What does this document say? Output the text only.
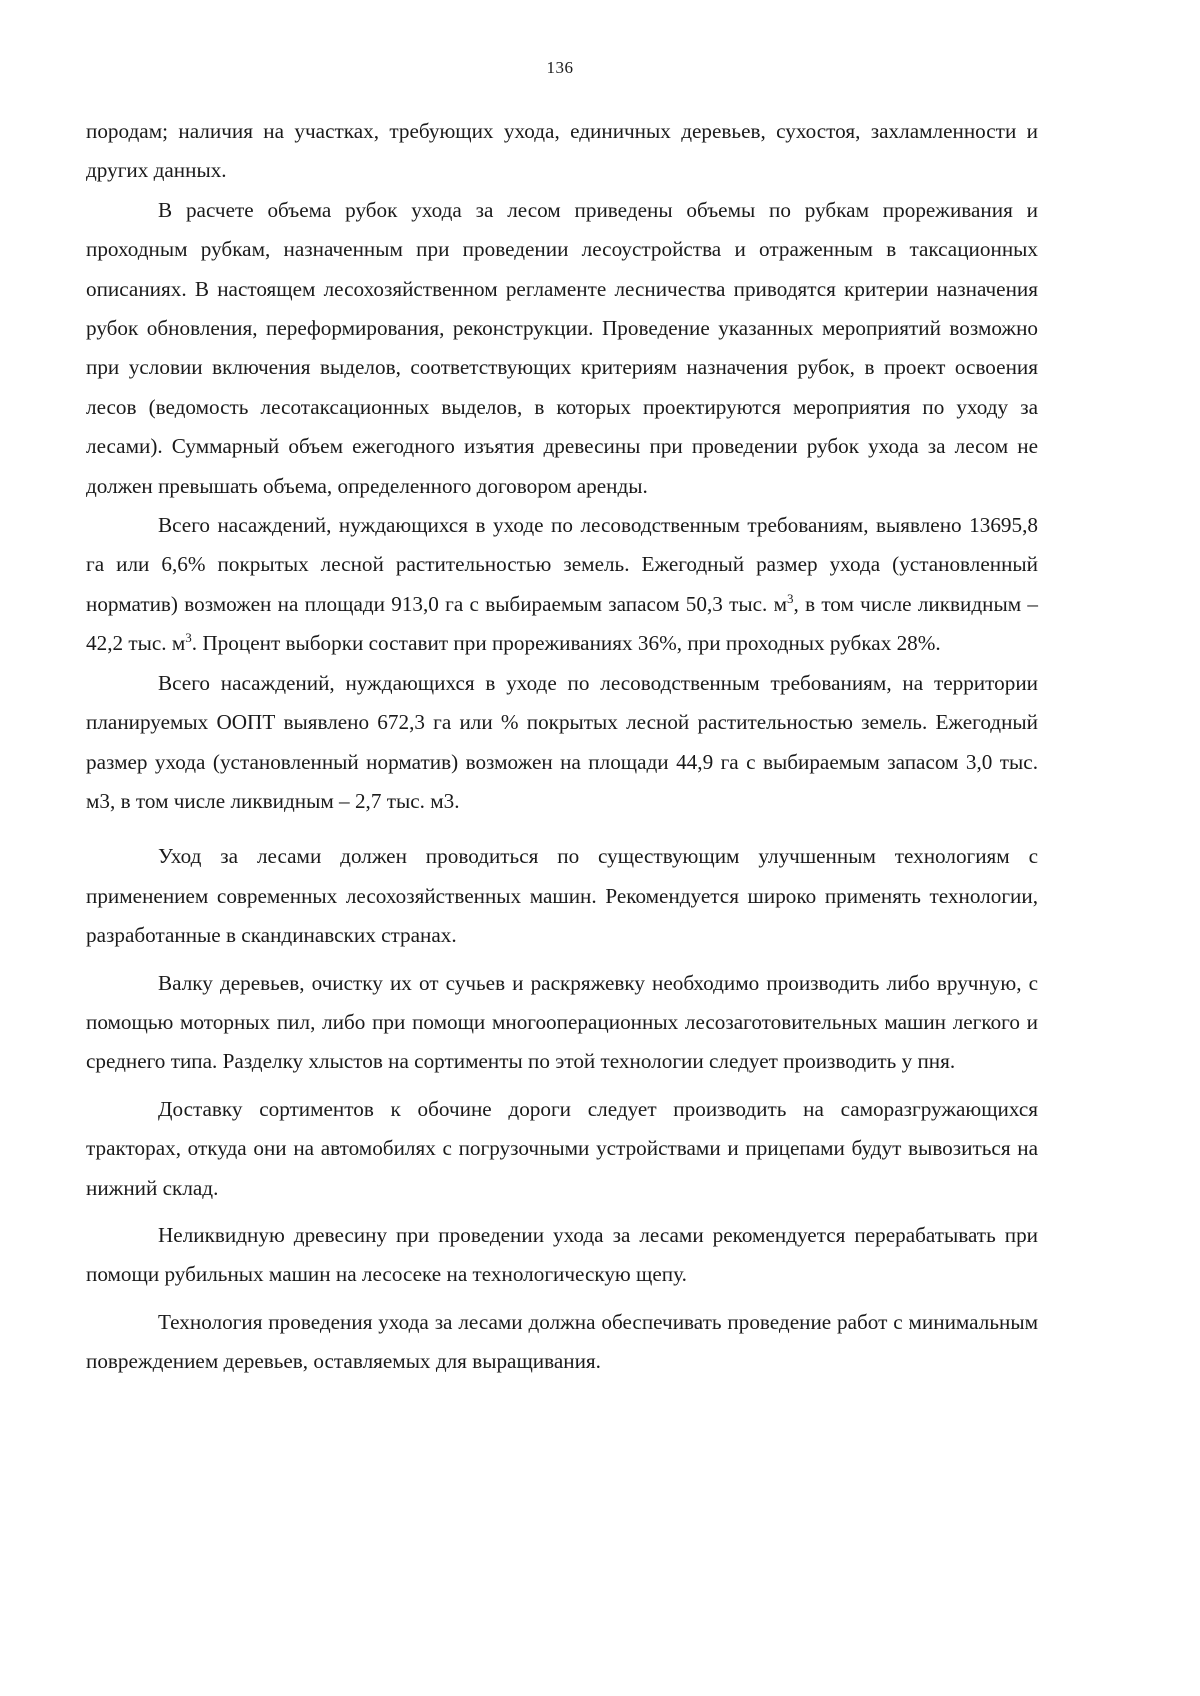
136

породам; наличия на участках, требующих ухода, единичных деревьев, сухостоя, захламленности и других данных.

В расчете объема рубок ухода за лесом приведены объемы по рубкам прореживания и проходным рубкам, назначенным при проведении лесоустройства и отраженным в таксационных описаниях. В настоящем лесохозяйственном регламенте лесничества приводятся критерии назначения рубок обновления, переформирования, реконструкции. Проведение указанных мероприятий возможно при условии включения выделов, соответствующих критериям назначения рубок, в проект освоения лесов (ведомость лесотаксационных выделов, в которых проектируются мероприятия по уходу за лесами). Суммарный объем ежегодного изъятия древесины при проведении рубок ухода за лесом не должен превышать объема, определенного договором аренды.

Всего насаждений, нуждающихся в уходе по лесоводственным требованиям, выявлено 13695,8 га или 6,6% покрытых лесной растительностью земель. Ежегодный размер ухода (установленный норматив) возможен на площади 913,0 га с выбираемым запасом 50,3 тыс. $м^3$, в том числе ликвидным – 42,2 тыс. $м^3$. Процент выборки составит при прореживаниях 36%, при проходных рубках 28%.

Всего насаждений, нуждающихся в уходе по лесоводственным требованиям, на территории планируемых ООПТ выявлено 672,3 га или % покрытых лесной растительностью земель. Ежегодный размер ухода (установленный норматив) возможен на площади 44,9 га с выбираемым запасом 3,0 тыс. м3, в том числе ликвидным – 2,7 тыс. м3.

Уход за лесами должен проводиться по существующим улучшенным технологиям с применением современных лесохозяйственных машин. Рекомендуется широко применять технологии, разработанные в скандинавских странах.

Валку деревьев, очистку их от сучьев и раскряжевку необходимо производить либо вручную, с помощью моторных пил, либо при помощи многооперационных лесозаготовительных машин легкого и среднего типа. Разделку хлыстов на сортименты по этой технологии следует производить у пня.

Доставку сортиментов к обочине дороги следует производить на саморазгружающихся тракторах, откуда они на автомобилях с погрузочными устройствами и прицепами будут вывозиться на нижний склад.

Неликвидную древесину при проведении ухода за лесами рекомендуется перерабатывать при помощи рубильных машин на лесосеке на технологическую щепу.

Технология проведения ухода за лесами должна обеспечивать проведение работ с минимальным повреждением деревьев, оставляемых для выращивания.
